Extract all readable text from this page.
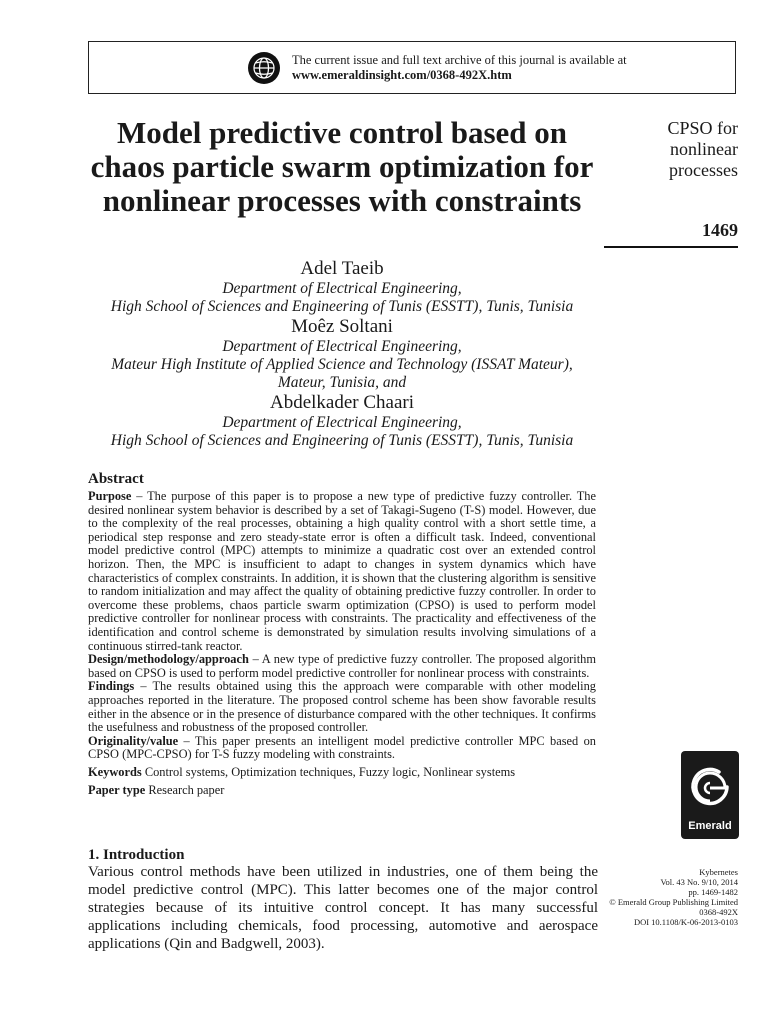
The current issue and full text archive of this journal is available at
www.emeraldinsight.com/0368-492X.htm
Model predictive control based on chaos particle swarm optimization for nonlinear processes with constraints
CPSO for
nonlinear
processes
1469
Adel Taeib
Department of Electrical Engineering,
High School of Sciences and Engineering of Tunis (ESSTT), Tunis, Tunisia
Moêz Soltani
Department of Electrical Engineering,
Mateur High Institute of Applied Science and Technology (ISSAT Mateur),
Mateur, Tunisia, and
Abdelkader Chaari
Department of Electrical Engineering,
High School of Sciences and Engineering of Tunis (ESSTT), Tunis, Tunisia
Abstract

Purpose – The purpose of this paper is to propose a new type of predictive fuzzy controller. The desired nonlinear system behavior is described by a set of Takagi-Sugeno (T-S) model. However, due to the complexity of the real processes, obtaining a high quality control with a short settle time, a periodical step response and zero steady-state error is often a difficult task. Indeed, conventional model predictive control (MPC) attempts to minimize a quadratic cost over an extended control horizon. Then, the MPC is insufficient to adapt to changes in system dynamics which have characteristics of complex constraints. In addition, it is shown that the clustering algorithm is sensitive to random initialization and may affect the quality of obtaining predictive fuzzy controller. In order to overcome these problems, chaos particle swarm optimization (CPSO) is used to perform model predictive controller for nonlinear process with constraints. The practicality and effectiveness of the identification and control scheme is demonstrated by simulation results involving simulations of a continuous stirred-tank reactor.

Design/methodology/approach – A new type of predictive fuzzy controller. The proposed algorithm based on CPSO is used to perform model predictive controller for nonlinear process with constraints.

Findings – The results obtained using this the approach were comparable with other modeling approaches reported in the literature. The proposed control scheme has been show favorable results either in the absence or in the presence of disturbance compared with the other techniques. It confirms the usefulness and robustness of the proposed controller.

Originality/value – This paper presents an intelligent model predictive controller MPC based on CPSO (MPC-CPSO) for T-S fuzzy modeling with constraints.

Keywords Control systems, Optimization techniques, Fuzzy logic, Nonlinear systems
Paper type Research paper
1. Introduction

Various control methods have been utilized in industries, one of them being the model predictive control (MPC). This latter becomes one of the major control strategies because of its intuitive control concept. It has many successful applications including chemicals, food processing, automotive and aerospace applications (Qin and Badgwell, 2003).

Emerald
Kybernetes
Vol. 43 No. 9/10, 2014
pp. 1469-1482
© Emerald Group Publishing Limited
0368-492X
DOI 10.1108/K-06-2013-0103
